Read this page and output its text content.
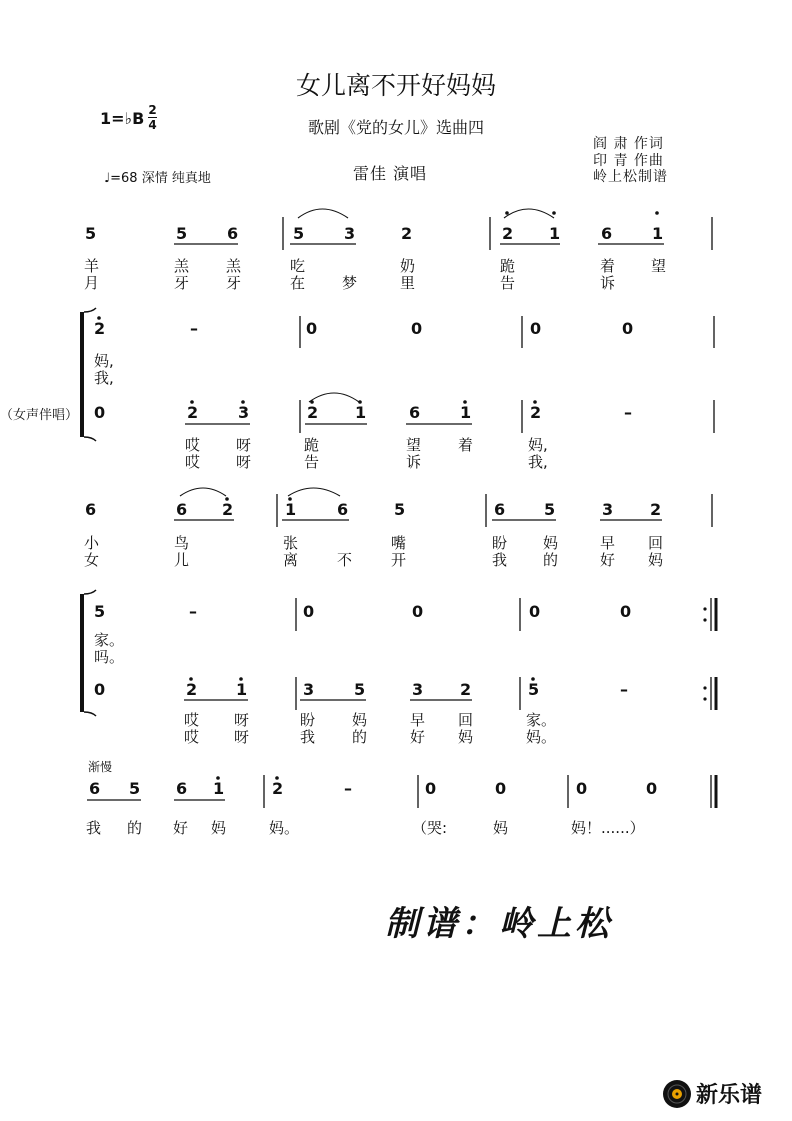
女儿离不开好妈妈
歌剧《党的女儿》选曲四
雷佳 演唱
阎 肃 作词
印 青 作曲
岭上松制谱
1=♭B 2
4
♩=68 深情 纯真地
（女声伴唱）
渐慢
5	5 6	5 3	2	2 1	6 1
2	–	0	0	0	0
0	2 3	2 1	6 1	2	–
6	6 2	1	6	5	6 5	3 2
5	–	0	0	0	0
0	2 1	3 5	3 2	5	–
6 5 6 1	2	–	0	0	0	0
羊	羔 羔	吃	奶	跪	着 望
月	牙 牙	在 梦	里	告	诉
妈,
我,
哎 呀	跪	望 着	妈,
哎 呀	告	诉	我,
小	鸟	张	嘴	盼 妈	早 回
女	儿	离	不	开	我 的	好 妈
家。
吗。
哎 呀	盼 妈	早 回	家。
哎 呀	我 的	好 妈	妈。
我 的 好 妈	妈。	（哭:	妈	妈！......）
制谱：岭上松
新乐谱
